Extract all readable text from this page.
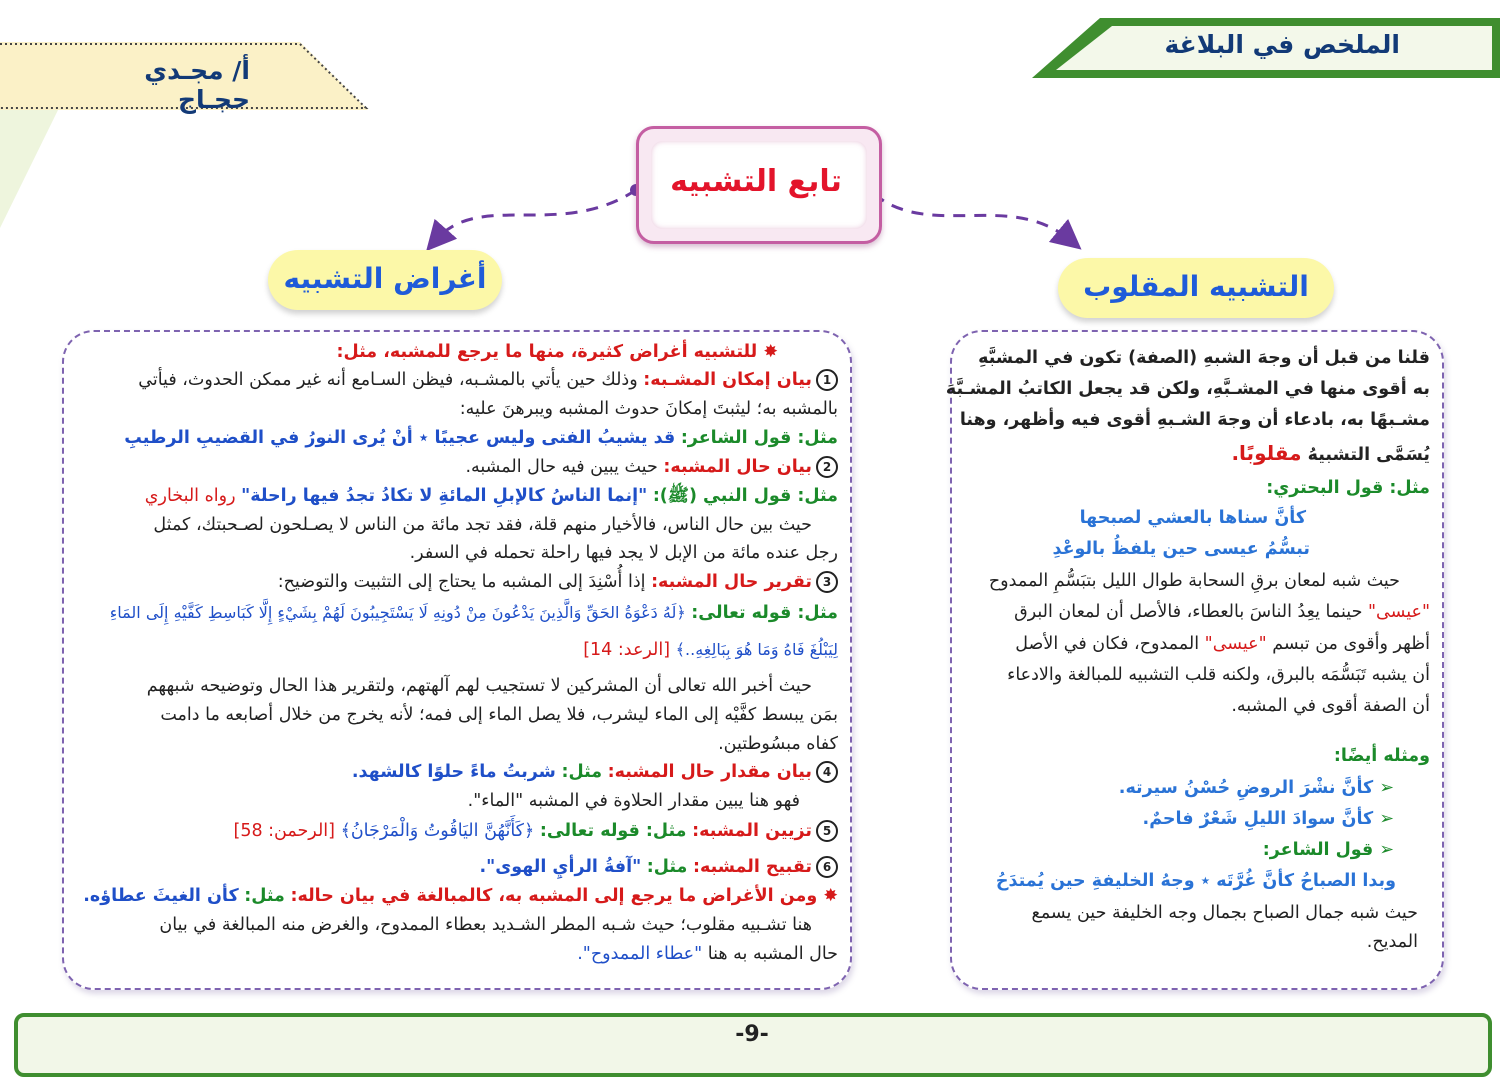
الملخص في البلاغة
أ/ مجـدي حجـاج
تابع التشبيه
أغراض التشبيه	التشبيه المقلوب
✸ للتشبيه أغراض كثيرة، منها ما يرجع للمشبه، مثل:
1بيان إمكان المشـبه: وذلك حين يأتي بالمشـبه، فيظن السـامع أنه غير ممكن الحدوث، فيأتي
بالمشبه به؛ ليثبتَ إمكانَ حدوث المشبه ويبرهنَ عليه:
مثل: قول الشاعر: قد يشيبُ الفتى وليس عجيبًا ٭ أنْ يُرى النورُ في القضيبِ الرطيبِ
2بيان حال المشبه: حيث يبين فيه حال المشبه.
مثل: قول النبي (ﷺ): "إنما الناسُ كالإبلِ المائةِ لا تكادُ تجدُ فيها راحلة" رواه البخاري
حيث بين حال الناس، فالأخيار منهم قلة، فقد تجد مائة من الناس لا يصـلحون لصـحبتك، كمثل
رجل عنده مائة من الإبل لا يجد فيها راحلة تحمله في السفر.
3تقرير حال المشبه: إذا أُسْنِدَ إلى المشبه ما يحتاج إلى التثبيت والتوضيح:
مثل: قوله تعالى: ﴿لَهُ دَعْوَةُ الحَقِّ وَالَّذِينَ يَدْعُونَ مِنْ دُونِهِ لَا يَسْتَجِيبُونَ لَهُمْ بِشَيْءٍ إِلَّا كَبَاسِطِ كَفَّيْهِ إِلَى المَاءِ
لِيَبْلُغَ فَاهُ وَمَا هُوَ بِبَالِغِهِ..﴾ [الرعد: 14]
حيث أخبر الله تعالى أن المشركين لا تستجيب لهم آلهتهم، ولتقرير هذا الحال وتوضيحه شبههم
بمَن يبسط كفَّيْه إلى الماء ليشرب، فلا يصل الماء إلى فمه؛ لأنه يخرج من خلال أصابعه ما دامت
كفاه مبسُوطتين.
4بيان مقدار حال المشبه: مثل: شربتُ ماءً حلوًا كالشهد.
فهو هنا يبين مقدار الحلاوة في المشبه "الماء".
5تزيين المشبه: مثل: قوله تعالى: ﴿كَأَنَّهُنَّ اليَاقُوتُ وَالْمَرْجَانُ﴾ [الرحمن: 58]
6تقبيح المشبه: مثل: "آفةُ الرأيِ الهوى".
✸ ومن الأغراض ما يرجع إلى المشبه به، كالمبالغة في بيان حاله: مثل: كأن الغيثَ عطاؤه.
هنا تشـبيه مقلوب؛ حيث شـبه المطر الشـديد بعطاء الممدوح، والغرض منه المبالغة في بيان
حال المشبه به هنا "عطاء الممدوح".
قلنا من قبل أن وجهَ الشبهِ (الصفة) تكون في المشبَّهِ
به أقوى منها في المشـبَّهِ، ولكن قد يجعل الكاتبُ المشـبَّهَ
مشـبهًا به، بادعاء أن وجهَ الشـبهِ أقوى فيه وأظهر، وهنا
يُسَمَّى التشبيهُ مقلوبًا.
مثل: قول البحتري:
كأنَّ سناها بالعشي لصبحها
تبسُّمُ عيسى حين يلفظُ بالوعْدِ
حيث شبه لمعان برقِ السحابة طوال الليل بتبَسُّمِ الممدوح
"عيسى" حينما يعِدُ الناسَ بالعطاء، فالأصل أن لمعان البرق
أظهر وأقوى من تبسم "عيسى" الممدوح، فكان في الأصل
أن يشبه تَبَسُّمَه بالبرق، ولكنه قلب التشبيه للمبالغة والادعاء
أن الصفة أقوى في المشبه.
ومثله أيضًا:
➢ كأنَّ نشْرَ الروضِ حُسْنُ سيرته.
➢ كأنَّ سوادَ الليلِ شَعْرٌ فاحمٌ.
➢ قول الشاعر:
وبدا الصباحُ كأنَّ غُرَّتَه ٭ وجهُ الخليفةِ حين يُمتدَحُ
حيث شبه جمال الصباح بجمال وجه الخليفة حين يسمع
المديح.
-9-
